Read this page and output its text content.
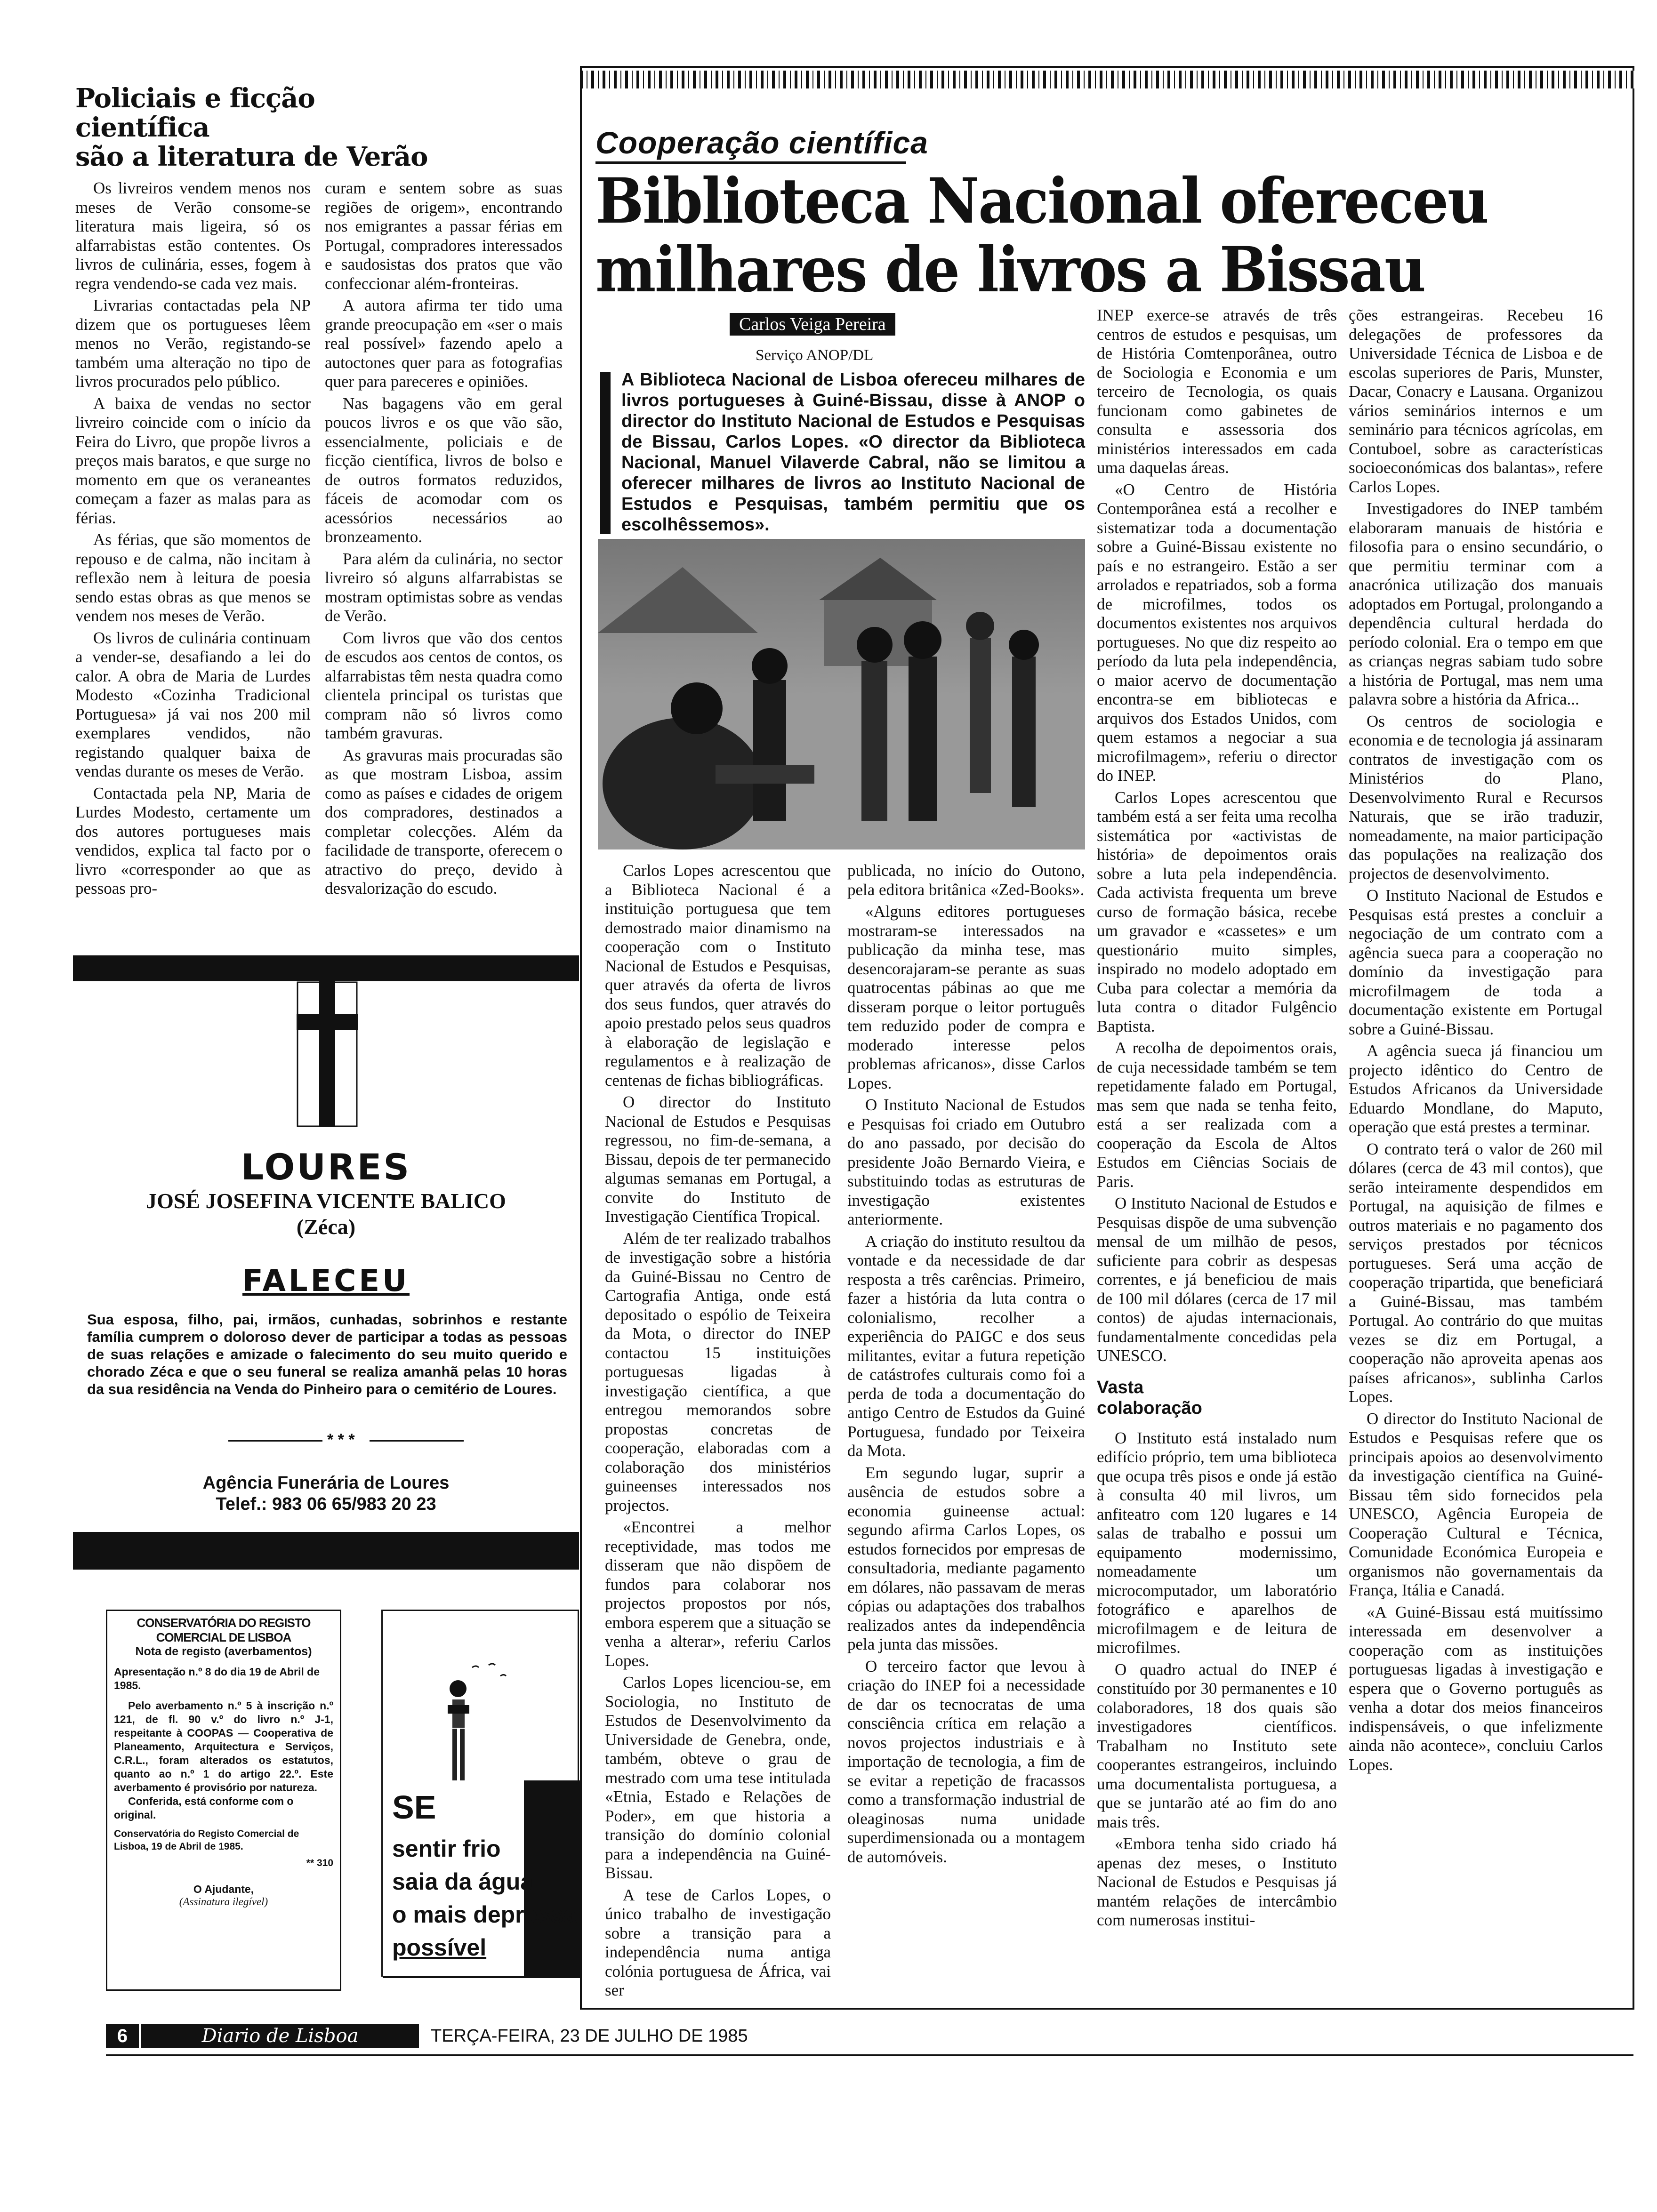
Policiais e ficção científica
são a literatura de Verão

Os livreiros vendem menos nos meses de Verão consome-se literatura mais ligeira, só os alfarrabistas estão contentes. Os livros de culinária, esses, fogem à regra vendendo-se cada vez mais.

Livrarias contactadas pela NP dizem que os portugueses lêem menos no Verão, registando-se também uma alteração no tipo de livros procurados pelo público.

A baixa de vendas no sector livreiro coincide com o início da Feira do Livro, que propõe livros a preços mais baratos, e que surge no momento em que os veraneantes começam a fazer as malas para as férias.

As férias, que são momentos de repouso e de calma, não incitam à reflexão nem à leitura de poesia sendo estas obras as que menos se vendem nos meses de Verão.

Os livros de culinária continuam a vender-se, desafiando a lei do calor. A obra de Maria de Lurdes Modesto «Cozinha Tradicional Portuguesa» já vai nos 200 mil exemplares vendidos, não registando qualquer baixa de vendas durante os meses de Verão.

Contactada pela NP, Maria de Lurdes Modesto, certamente um dos autores portugueses mais vendidos, explica tal facto por o livro «corresponder ao que as pessoas pro-

curam e sentem sobre as suas regiões de origem», encontrando nos emigrantes a passar férias em Portugal, compradores interessados e saudosistas dos pratos que vão confeccionar além-fronteiras.

A autora afirma ter tido uma grande preocupação em «ser o mais real possível» fazendo apelo a autoctones quer para as fotografias quer para pareceres e opiniões.

Nas bagagens vão em geral poucos livros e os que vão são, essencialmente, policiais e de ficção científica, livros de bolso e de outros formatos reduzidos, fáceis de acomodar com os acessórios necessários ao bronzeamento.

Para além da culinária, no sector livreiro só alguns alfarrabistas se mostram optimistas sobre as vendas de Verão.

Com livros que vão dos centos de escudos aos centos de contos, os alfarrabistas têm nesta quadra como clientela principal os turistas que compram não só livros como também gravuras.

As gravuras mais procuradas são as que mostram Lisboa, assim como as países e cidades de origem dos compradores, destinados a completar colecções. Além da facilidade de transporte, oferecem o atractivo do preço, devido à desvalorização do escudo.

LOURES
JOSÉ JOSEFINA VICENTE BALICO
(Zéca)
FALECEU
Sua esposa, filho, pai, irmãos, cunhadas, sobrinhos e restante família cumprem o doloroso dever de participar a todas as pessoas de suas relações e amizade o falecimento do seu muito querido e chorado Zéca e que o seu funeral se realiza amanhã pelas 10 horas da sua residência na Venda do Pinheiro para o cemitério de Loures.
* * *
Agência Funerária de Loures
Telef.: 983 06 65/983 20 23
CONSERVATÓRIA DO REGISTO
COMERCIAL DE LISBOA
Nota de registo (averbamentos)
Apresentação n.º 8 do dia 19 de Abril de 1985.
Pelo averbamento n.º 5 à inscrição n.º 121, de fl. 90 v.º do livro n.º J-1, respeitante à COOPAS — Cooperativa de Planeamento, Arquitectura e Serviços, C.R.L., foram alterados os estatutos, quanto ao n.º 1 do artigo 22.º. Este averbamento é provisório por natureza.
Conferida, está conforme com o original.
Conservatória do Registo Comercial de Lisboa, 19 de Abril de 1985.
** 310
O Ajudante,
(Assinatura ilegível)
SE
sentir frio
saia da água
o mais depressa
possível
Cooperação científica
Biblioteca Nacional ofereceu
milhares de livros a Bissau
Carlos Veiga Pereira
Serviço ANOP/DL
A Biblioteca Nacional de Lisboa ofereceu milhares de livros portugueses à Guiné-Bissau, disse à ANOP o director do Instituto Nacional de Estudos e Pesquisas de Bissau, Carlos Lopes. «O director da Biblioteca Nacional, Manuel Vilaverde Cabral, não se limitou a oferecer milhares de livros ao Instituto Nacional de Estudos e Pesquisas, também permitiu que os escolhêssemos».

Carlos Lopes acrescentou que a Biblioteca Nacional é a instituição portuguesa que tem demostrado maior dinamismo na cooperação com o Instituto Nacional de Estudos e Pesquisas, quer através da oferta de livros dos seus fundos, quer através do apoio prestado pelos seus quadros à elaboração de legislação e regulamentos e à realização de centenas de fichas bibliográficas.

O director do Instituto Nacional de Estudos e Pesquisas regressou, no fim-de-semana, a Bissau, depois de ter permanecido algumas semanas em Portugal, a convite do Instituto de Investigação Científica Tropical.

Além de ter realizado trabalhos de investigação sobre a história da Guiné-Bissau no Centro de Cartografia Antiga, onde está depositado o espólio de Teixeira da Mota, o director do INEP contactou 15 instituições portuguesas ligadas à investigação científica, a que entregou memorandos sobre propostas concretas de cooperação, elaboradas com a colaboração dos ministérios guineenses interessados nos projectos.

«Encontrei a melhor receptividade, mas todos me disseram que não dispõem de fundos para colaborar nos projectos propostos por nós, embora esperem que a situação se venha a alterar», referiu Carlos Lopes.

Carlos Lopes licenciou-se, em Sociologia, no Instituto de Estudos de Desenvolvimento da Universidade de Genebra, onde, também, obteve o grau de mestrado com uma tese intitulada «Etnia, Estado e Relações de Poder», em que historia a transição do domínio colonial para a independência na Guiné-Bissau.

A tese de Carlos Lopes, o único trabalho de investigação sobre a transição para a independência numa antiga colónia portuguesa de África, vai ser

publicada, no início do Outono, pela editora britânica «Zed-Books».

«Alguns editores portugueses mostraram-se interessados na publicação da minha tese, mas desencorajaram-se perante as suas quatrocentas pábinas ao que me disseram porque o leitor português tem reduzido poder de compra e moderado interesse pelos problemas africanos», disse Carlos Lopes.

O Instituto Nacional de Estudos e Pesquisas foi criado em Outubro do ano passado, por decisão do presidente João Bernardo Vieira, e substituindo todas as estruturas de investigação existentes anteriormente.

A criação do instituto resultou da vontade e da necessidade de dar resposta a três carências. Primeiro, fazer a história da luta contra o colonialismo, recolher a experiência do PAIGC e dos seus militantes, evitar a futura repetição de catástrofes culturais como foi a perda de toda a documentação do antigo Centro de Estudos da Guiné Portuguesa, fundado por Teixeira da Mota.

Em segundo lugar, suprir a ausência de estudos sobre a economia guineense actual: segundo afirma Carlos Lopes, os estudos fornecidos por empresas de consultadoria, mediante pagamento em dólares, não passavam de meras cópias ou adaptações dos trabalhos realizados antes da independência pela junta das missões.

O terceiro factor que levou à criação do INEP foi a necessidade de dar os tecnocratas de uma consciência crítica em relação a novos projectos industriais e à importação de tecnologia, a fim de se evitar a repetição de fracassos como a transformação industrial de oleaginosas numa unidade superdimensionada ou a montagem de automóveis.

INEP exerce-se através de três centros de estudos e pesquisas, um de História Comtenporânea, outro de Sociologia e Economia e um terceiro de Tecnologia, os quais funcionam como gabinetes de consulta e assessoria dos ministérios interessados em cada uma daquelas áreas.

«O Centro de História Contemporânea está a recolher e sistematizar toda a documentação sobre a Guiné-Bissau existente no país e no estrangeiro. Estão a ser arrolados e repatriados, sob a forma de microfilmes, todos os documentos existentes nos arquivos portugueses. No que diz respeito ao período da luta pela independência, o maior acervo de documentação encontra-se em bibliotecas e arquivos dos Estados Unidos, com quem estamos a negociar a sua microfilmagem», referiu o director do INEP.

Carlos Lopes acrescentou que também está a ser feita uma recolha sistemática por «activistas de história» de depoimentos orais sobre a luta pela independência. Cada activista frequenta um breve curso de formação básica, recebe um gravador e «cassetes» e um questionário muito simples, inspirado no modelo adoptado em Cuba para colectar a memória da luta contra o ditador Fulgêncio Baptista.

A recolha de depoimentos orais, de cuja necessidade também se tem repetidamente falado em Portugal, mas sem que nada se tenha feito, está a ser realizada com a cooperação da Escola de Altos Estudos em Ciências Sociais de Paris.

O Instituto Nacional de Estudos e Pesquisas dispõe de uma subvenção mensal de um milhão de pesos, suficiente para cobrir as despesas correntes, e já beneficiou de mais de 100 mil dólares (cerca de 17 mil contos) de ajudas internacionais, fundamentalmente concedidas pela UNESCO.

Vasta
colaboração

O Instituto está instalado num edifício próprio, tem uma biblioteca que ocupa três pisos e onde já estão à consulta 40 mil livros, um anfiteatro com 120 lugares e 14 salas de trabalho e possui um equipamento modernissimo, nomeadamente um microcomputador, um laboratório fotográfico e aparelhos de microfilmagem e de leitura de microfilmes.

O quadro actual do INEP é constituído por 30 permanentes e 10 colaboradores, 18 dos quais são investigadores científicos. Trabalham no Instituto sete cooperantes estrangeiros, incluindo uma documentalista portuguesa, a que se juntarão até ao fim do ano mais três.

«Embora tenha sido criado há apenas dez meses, o Instituto Nacional de Estudos e Pesquisas já mantém relações de intercâmbio com numerosas institui-

ções estrangeiras. Recebeu 16 delegações de professores da Universidade Técnica de Lisboa e de escolas superiores de Paris, Munster, Dacar, Conacry e Lausana. Organizou vários seminários internos e um seminário para técnicos agrícolas, em Contuboel, sobre as características socioeconómicas dos balantas», refere Carlos Lopes.

Investigadores do INEP também elaboraram manuais de história e filosofia para o ensino secundário, o que permitiu terminar com a anacrónica utilização dos manuais adoptados em Portugal, prolongando a dependência cultural herdada do período colonial. Era o tempo em que as crianças negras sabiam tudo sobre a história de Portugal, mas nem uma palavra sobre a história da Africa...

Os centros de sociologia e economia e de tecnologia já assinaram contratos de investigação com os Ministérios do Plano, Desenvolvimento Rural e Recursos Naturais, que se irão traduzir, nomeadamente, na maior participação das populações na realização dos projectos de desenvolvimento.

O Instituto Nacional de Estudos e Pesquisas está prestes a concluir a negociação de um contrato com a agência sueca para a cooperação no domínio da investigação para microfilmagem de toda a documentação existente em Portugal sobre a Guiné-Bissau.

A agência sueca já financiou um projecto idêntico do Centro de Estudos Africanos da Universidade Eduardo Mondlane, do Maputo, operação que está prestes a terminar.

O contrato terá o valor de 260 mil dólares (cerca de 43 mil contos), que serão inteiramente despendidos em Portugal, na aquisição de filmes e outros materiais e no pagamento dos serviços prestados por técnicos portugueses. Será uma acção de cooperação tripartida, que beneficiará a Guiné-Bissau, mas também Portugal. Ao contrário do que muitas vezes se diz em Portugal, a cooperação não aproveita apenas aos países africanos», sublinha Carlos Lopes.

O director do Instituto Nacional de Estudos e Pesquisas refere que os principais apoios ao desenvolvimento da investigação científica na Guiné-Bissau têm sido fornecidos pela UNESCO, Agência Europeia de Cooperação Cultural e Técnica, Comunidade Económica Europeia e organismos não governamentais da França, Itália e Canadá.

«A Guiné-Bissau está muitíssimo interessada em desenvolver a cooperação com as instituições portuguesas ligadas à investigação e espera que o Governo português as venha a dotar dos meios financeiros indispensáveis, o que infelizmente ainda não acontece», concluiu Carlos Lopes.

6	Diario de Lisboa	TERÇA-FEIRA, 23 DE JULHO DE 1985
